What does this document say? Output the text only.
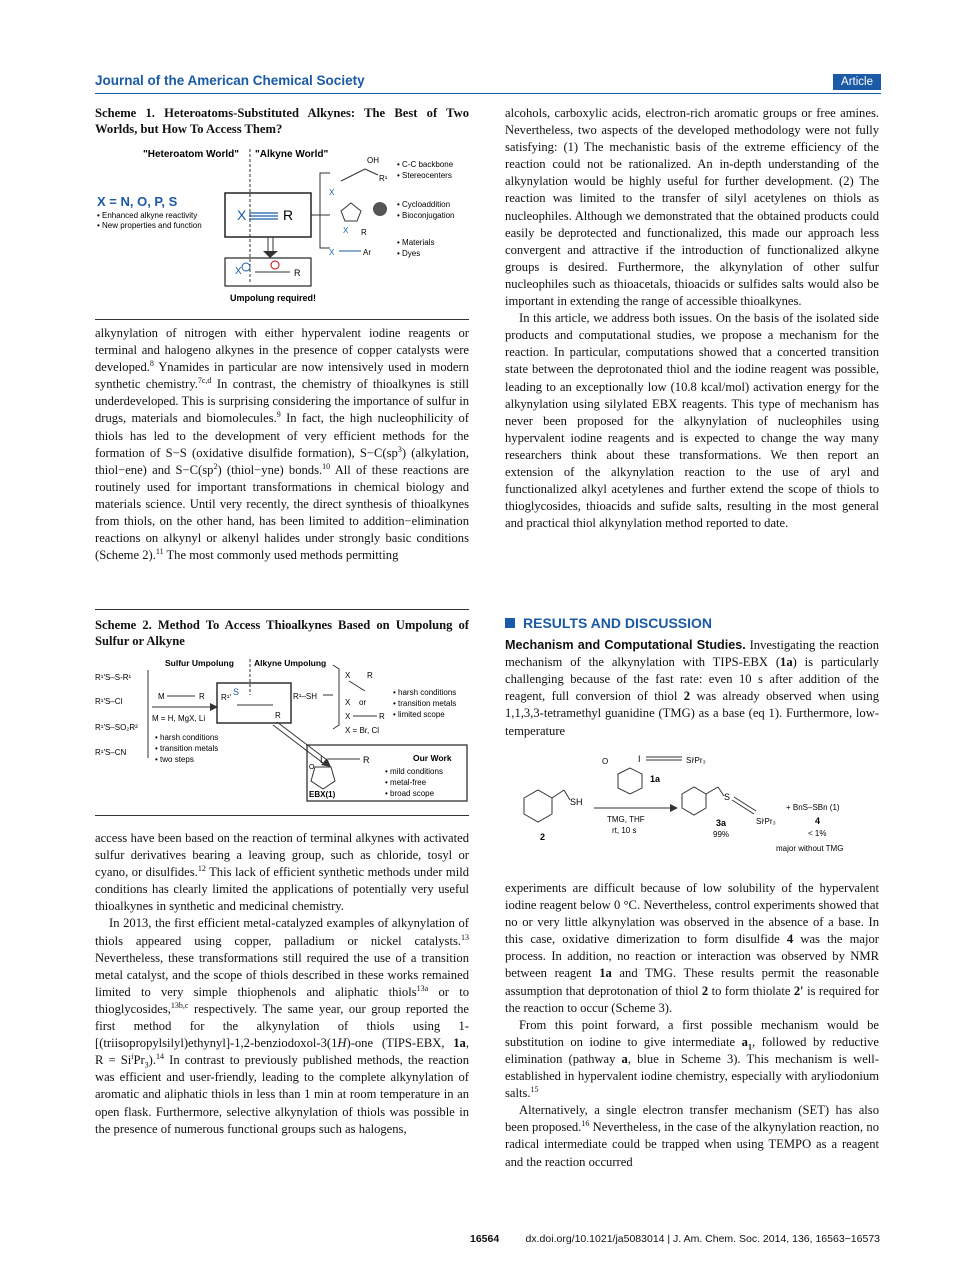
Journal of the American Chemical Society	Article

Scheme 1. Heteroatoms-Substituted Alkynes: The Best of Two Worlds, but How To Access Them?

"Heteroatom World" "Alkyne World"
X = N, O, P, S
• Enhanced alkyne reactivity
• New properties and function
X	R
OH
R¹
X
X R
X	Ar
• C-C backbone
• Stereocenters
• Cycloaddition
• Bioconjugation
• Materials
• Dyes
X	R
Umpolung required!

alkynylation of nitrogen with either hypervalent iodine reagents or terminal and halogeno alkynes in the presence of copper catalysts were developed.$^8$ Ynamides in particular are now intensively used in modern synthetic chemistry.$^{7c,d}$ In contrast, the chemistry of thioalkynes is still underdeveloped. This is surprising considering the importance of sulfur in drugs, materials and biomolecules.$^9$ In fact, the high nucleophilicity of thiols has led to the development of very efficient methods for the formation of S−S (oxidative disulfide formation), $S-C(sp^3)$ (alkylation, thiol−ene) and $S-C(sp^2)$ (thiol−yne) bonds.$^{10}$ All of these reactions are routinely used for important transformations in chemical biology and materials science. Until very recently, the direct synthesis of thioalkynes from thiols, on the other hand, has been limited to addition−elimination reactions on alkynyl or alkenyl halides under strongly basic conditions (Scheme 2).$^{11}$ The most commonly used methods permitting

Scheme 2. Method To Access Thioalkynes Based on Umpolung of Sulfur or Alkyne

Sulfur Umpolung Alkyne Umpolung
R¹′S–S‑R¹
R¹′S–Cl
R¹′S–SO₂R²
R¹′S–CN
M	R
M = H, MgX, Li
• harsh conditions
• transition metals
• two steps
R¹′
S
R
R¹–SH
X R
X or
X	R
X = Br, Cl
• harsh conditions
• transition metals
• limited scope
I	R
O
EBX(1)
Our Work
• mild conditions
• metal-free
• broad scope

access have been based on the reaction of terminal alkynes with activated sulfur derivatives bearing a leaving group, such as chloride, tosyl or cyano, or disulfides.$^{12}$ This lack of efficient synthetic methods under mild conditions has clearly limited the applications of potentially very useful thioalkynes in synthetic and medicinal chemistry.

In 2013, the first efficient metal-catalyzed examples of alkynylation of thiols appeared using copper, palladium or nickel catalysts.$^{13}$ Nevertheless, these transformations still required the use of a transition metal catalyst, and the scope of thiols described in these works remained limited to very simple thiophenols and aliphatic thiols$^{13a}$ or to thioglycosides,$^{13b,c}$ respectively. The same year, our group reported the first method for the alkynylation of thiols using 1-[(triisopropylsilyl)ethynyl]-1,2-benziodoxol-3(1H)-one (TIPS-EBX, 1a, $R = Si^iPr_3).^{14}$ In contrast to previously published methods, the reaction was efficient and user-friendly, leading to the complete alkynylation of aromatic and aliphatic thiols in less than 1 min at room temperature in an open flask. Furthermore, selective alkynylation of thiols was possible in the presence of numerous functional groups such as halogens,

alcohols, carboxylic acids, electron-rich aromatic groups or free amines. Nevertheless, two aspects of the developed methodology were not fully satisfying: (1) The mechanistic basis of the extreme efficiency of the reaction could not be rationalized. An in-depth understanding of the alkynylation would be highly useful for further development. (2) The reaction was limited to the transfer of silyl acetylenes on thiols as nucleophiles. Although we demonstrated that the obtained products could easily be deprotected and functionalized, this made our approach less convergent and attractive if the introduction of functionalized alkyne groups is desired. Furthermore, the alkynylation of other sulfur nucleophiles such as thioacetals, thioacids or sulfides salts would also be important in extending the range of accessible thioalkynes.

In this article, we address both issues. On the basis of the isolated side products and computational studies, we propose a mechanism for the reaction. In particular, computations showed that a concerted transition state between the deprotonated thiol and the iodine reagent was possible, leading to an exceptionally low (10.8 kcal/mol) activation energy for the alkynylation using silylated EBX reagents. This type of mechanism has never been proposed for the alkynylation of nucleophiles using hypervalent iodine reagents and is expected to change the way many researchers think about these transformations. We then report an extension of the alkynylation reaction to the use of aryl and functionalized alkyl acetylenes and further extend the scope of thiols to thioglycosides, thioacids and sufide salts, resulting in the most general and practical thiol alkynylation method reported to date.

RESULTS AND DISCUSSION

Mechanism and Computational Studies. Investigating the reaction mechanism of the alkynylation with TIPS-EBX (1a) is particularly challenging because of the fast rate: even 10 s after addition of the reagent, full conversion of thiol 2 was already observed when using 1,1,3,3-tetramethyl guanidine (TMG) as a base (eq 1). Furthermore, low-temperature

SH
2
O	I	SiⁱPr₃
1a
TMG, THF
rt, 10 s
S
SiⁱPr₃
3a
99%
+ BnS–SBn (1)
4
< 1%
major without TMG

experiments are difficult because of low solubility of the hypervalent iodine reagent below 0 °C. Nevertheless, control experiments showed that no or very little alkynylation was observed in the absence of a base. In this case, oxidative dimerization to form disulfide 4 was the major process. In addition, no reaction or interaction was observed by NMR between reagent 1a and TMG. These results permit the reasonable assumption that deprotonation of thiol 2 to form thiolate 2′ is required for the reaction to occur (Scheme 3).

From this point forward, a first possible mechanism would be substitution on iodine to give intermediate $a_1$, followed by reductive elimination (pathway a, blue in Scheme 3). This mechanism is well-established in hypervalent iodine chemistry, especially with aryliodonium salts.$^{15}$

Alternatively, a single electron transfer mechanism (SET) has also been proposed.$^{16}$ Nevertheless, in the case of the alkynylation reaction, no radical intermediate could be trapped when using TEMPO as a reagent and the reaction occurred

16564	dx.doi.org/10.1021/ja5083014 | J. Am. Chem. Soc. 2014, 136, 16563−16573
